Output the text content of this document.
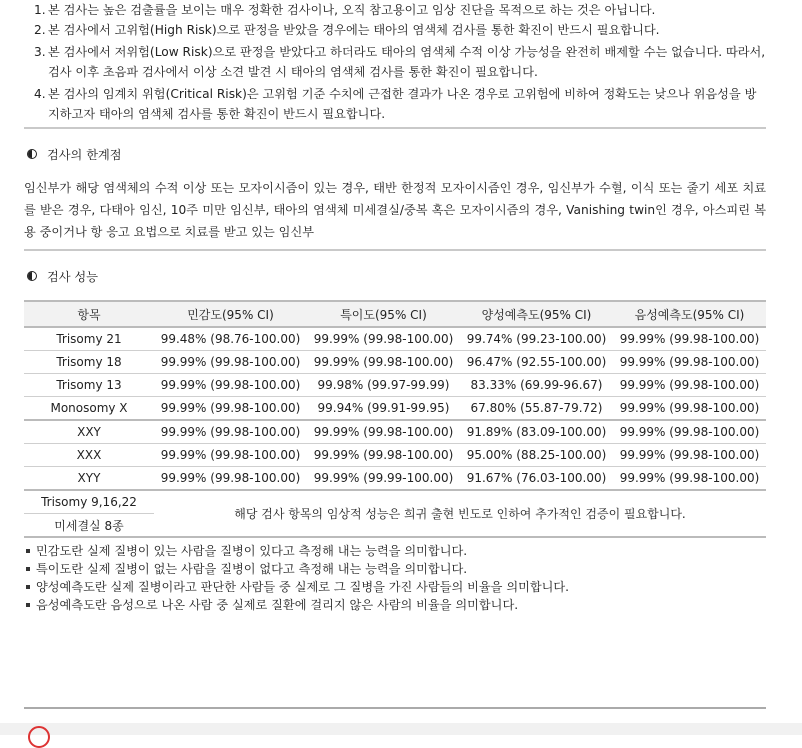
1. 본 검사는 높은 검출률을 보이는 매우 정확한 검사이나, 오직 참고용이고 임상 진단을 목적으로 하는 것은 아닙니다.
2. 본 검사에서 고위험(High Risk)으로 판정을 받았을 경우에는 태아의 염색체 검사를 통한 확진이 반드시 필요합니다.
3. 본 검사에서 저위험(Low Risk)으로 판정을 받았다고 하더라도 태아의 염색체 수적 이상 가능성을 완전히 배제할 수는 없습니다. 따라서, 검사 이후 초음파 검사에서 이상 소견 발견 시 태아의 염색체 검사를 통한 확진이 필요합니다.
4. 본 검사의 임계치 위험(Critical Risk)은 고위험 기준 수치에 근접한 결과가 나온 경우로 고위험에 비하여 정확도는 낮으나 위음성을 방지하고자 태아의 염색체 검사를 통한 확진이 반드시 필요합니다.
검사의 한계점
임신부가 해당 염색체의 수적 이상 또는 모자이시즘이 있는 경우, 태반 한정적 모자이시즘인 경우, 임신부가 수혈, 이식 또는 줄기 세포 치료를 받은 경우, 다태아 임신, 10주 미만 임신부, 태아의 염색체 미세결실/중복 혹은 모자이시즘의 경우, Vanishing twin인 경우, 아스피린 복용 중이거나 항 응고 요법으로 치료를 받고 있는 임신부
검사 성능
항목	민감도(95% CI)	특이도(95% CI)	양성예측도(95% CI)	음성예측도(95% CI)
Trisomy 21	99.48% (98.76-100.00)	99.99% (99.98-100.00)	99.74% (99.23-100.00)	99.99% (99.98-100.00)
Trisomy 18	99.99% (99.98-100.00)	99.99% (99.98-100.00)	96.47% (92.55-100.00)	99.99% (99.98-100.00)
Trisomy 13	99.99% (99.98-100.00)	99.98% (99.97-99.99)	83.33% (69.99-96.67)	99.99% (99.98-100.00)
Monosomy X	99.99% (99.98-100.00)	99.94% (99.91-99.95)	67.80% (55.87-79.72)	99.99% (99.98-100.00)
XXY	99.99% (99.98-100.00)	99.99% (99.98-100.00)	91.89% (83.09-100.00)	99.99% (99.98-100.00)
XXX	99.99% (99.98-100.00)	99.99% (99.98-100.00)	95.00% (88.25-100.00)	99.99% (99.98-100.00)
XYY	99.99% (99.98-100.00)	99.99% (99.99-100.00)	91.67% (76.03-100.00)	99.99% (99.98-100.00)
Trisomy 9,16,22	해당 검사 항목의 임상적 성능은 희귀 출현 빈도로 인하여 추가적인 검증이 필요합니다.			
미세결실 8종				
민감도란 실제 질병이 있는 사람을 질병이 있다고 측정해 내는 능력을 의미합니다.
특이도란 실제 질병이 없는 사람을 질병이 없다고 측정해 내는 능력을 의미합니다.
양성예측도란 실제 질병이라고 판단한 사람들 중 실제로 그 질병을 가진 사람들의 비율을 의미합니다.
음성예측도란 음성으로 나온 사람 중 실제로 질환에 걸리지 않은 사람의 비율을 의미합니다.
